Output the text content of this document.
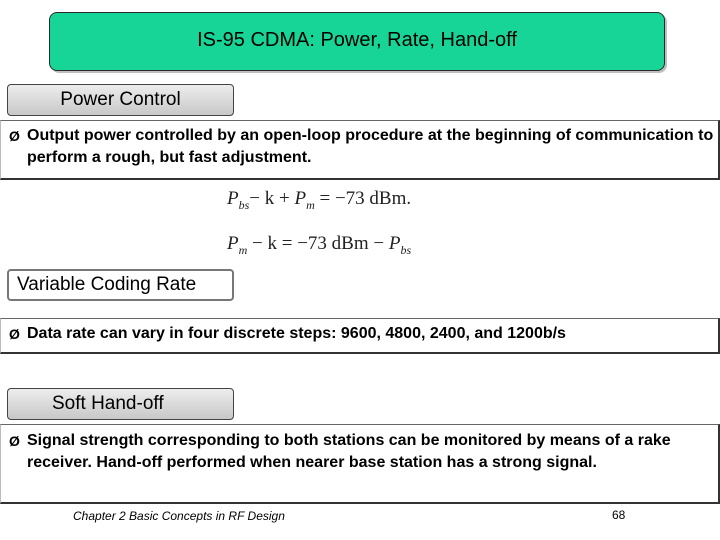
IS-95 CDMA: Power, Rate, Hand-off
Power Control
Ø Output power controlled by an open-loop procedure at the beginning of communication to perform a rough, but fast adjustment.
$P_{bs}- k + P_m = -73$ dBm.
$P_m - k = -73$ dBm − $P_{bs}$
Variable Coding Rate
Ø Data rate can vary in four discrete steps: 9600, 4800, 2400, and 1200b/s
Soft Hand-off
Ø Signal strength corresponding to both stations can be monitored by means of a rake receiver. Hand-off performed when nearer base station has a strong signal.
Chapter 2 Basic Concepts in RF Design	68
